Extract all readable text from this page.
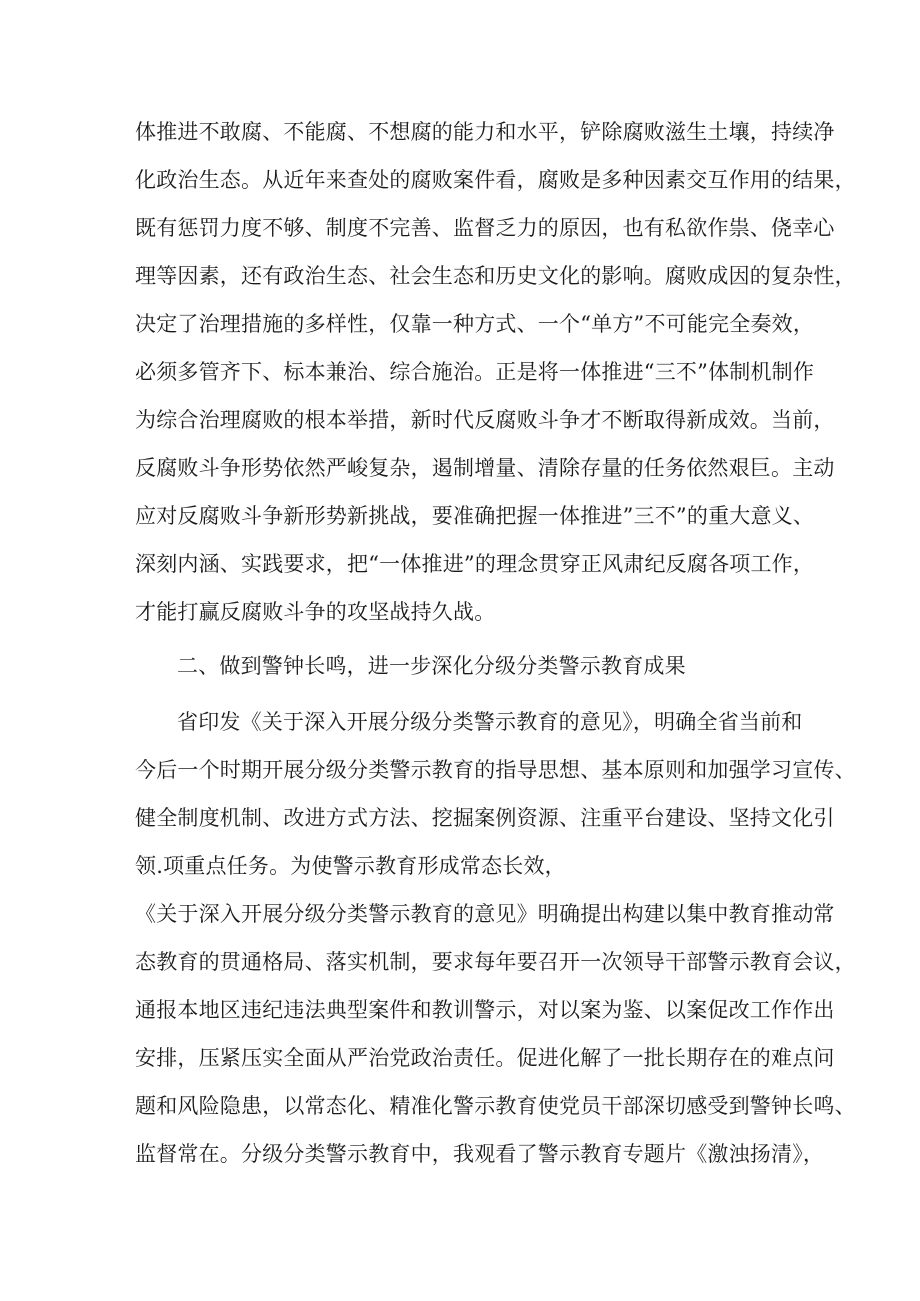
体推进不敢腐、不能腐、不想腐的能力和水平，铲除腐败滋生土壤，持续净
化政治生态。从近年来查处的腐败案件看，腐败是多种因素交互作用的结果，
既有惩罚力度不够、制度不完善、监督乏力的原因，也有私欲作祟、侥幸心
理等因素，还有政治生态、社会生态和历史文化的影响。腐败成因的复杂性，
决定了治理措施的多样性，仅靠一种方式、一个“单方”不可能完全奏效，
必须多管齐下、标本兼治、综合施治。正是将一体推进“三不”体制机制作
为综合治理腐败的根本举措，新时代反腐败斗争才不断取得新成效。当前，
反腐败斗争形势依然严峻复杂，遏制增量、清除存量的任务依然艰巨。主动
应对反腐败斗争新形势新挑战，要准确把握一体推进”三不”的重大意义、
深刻内涵、实践要求，把“一体推进”的理念贯穿正风肃纪反腐各项工作，
才能打赢反腐败斗争的攻坚战持久战。
二、做到警钟长鸣，进一步深化分级分类警示教育成果
省印发《关于深入开展分级分类警示教育的意见》，明确全省当前和
今后一个时期开展分级分类警示教育的指导思想、基本原则和加强学习宣传、
健全制度机制、改进方式方法、挖掘案例资源、注重平台建设、坚持文化引
领.项重点任务。为使警示教育形成常态长效，
《关于深入开展分级分类警示教育的意见》明确提出构建以集中教育推动常
态教育的贯通格局、落实机制，要求每年要召开一次领导干部警示教育会议，
通报本地区违纪违法典型案件和教训警示，对以案为鉴、以案促改工作作出
安排，压紧压实全面从严治党政治责任。促进化解了一批长期存在的难点问
题和风险隐患，以常态化、精准化警示教育使党员干部深切感受到警钟长鸣、
监督常在。分级分类警示教育中，我观看了警示教育专题片《激浊扬清》，
